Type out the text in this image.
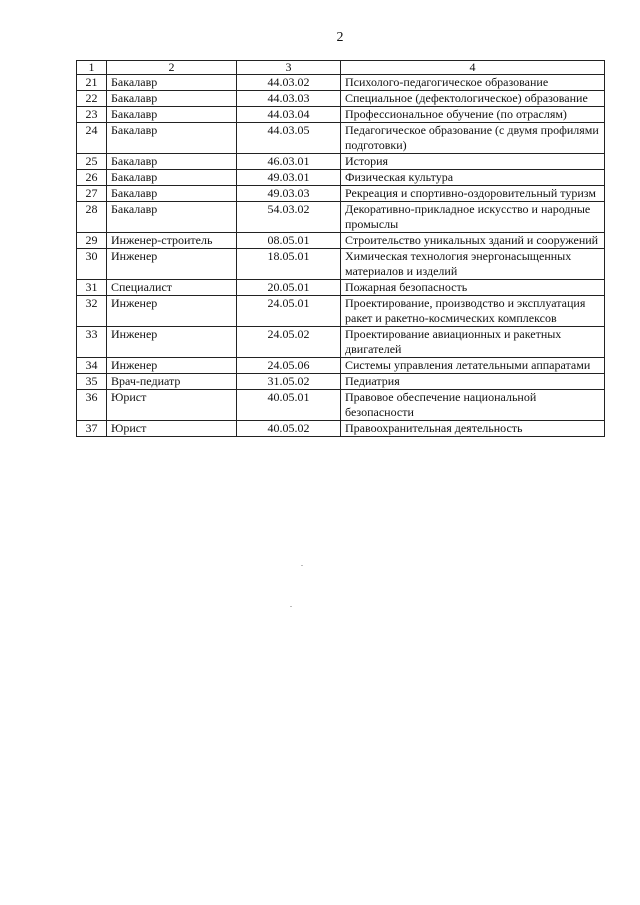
2
1	2	3	4
21	Бакалавр	44.03.02	Психолого-педагогическое образование
22	Бакалавр	44.03.03	Специальное (дефектологическое) образование
23	Бакалавр	44.03.04	Профессиональное обучение (по отраслям)
24	Бакалавр	44.03.05	Педагогическое образование (с двумя профилями подготовки)
25	Бакалавр	46.03.01	История
26	Бакалавр	49.03.01	Физическая культура
27	Бакалавр	49.03.03	Рекреация и спортивно-оздоровительный туризм
28	Бакалавр	54.03.02	Декоративно-прикладное искусство и народные промыслы
29	Инженер-строитель	08.05.01	Строительство уникальных зданий и сооружений
30	Инженер	18.05.01	Химическая технология энергонасыщенных материалов и изделий
31	Специалист	20.05.01	Пожарная безопасность
32	Инженер	24.05.01	Проектирование, производство и эксплуатация ракет и ракетно-космических комплексов
33	Инженер	24.05.02	Проектирование авиационных и ракетных двигателей
34	Инженер	24.05.06	Системы управления летательными аппаратами
35	Врач-педиатр	31.05.02	Педиатрия
36	Юрист	40.05.01	Правовое обеспечение национальной безопасности
37	Юрист	40.05.02	Правоохранительная деятельность
